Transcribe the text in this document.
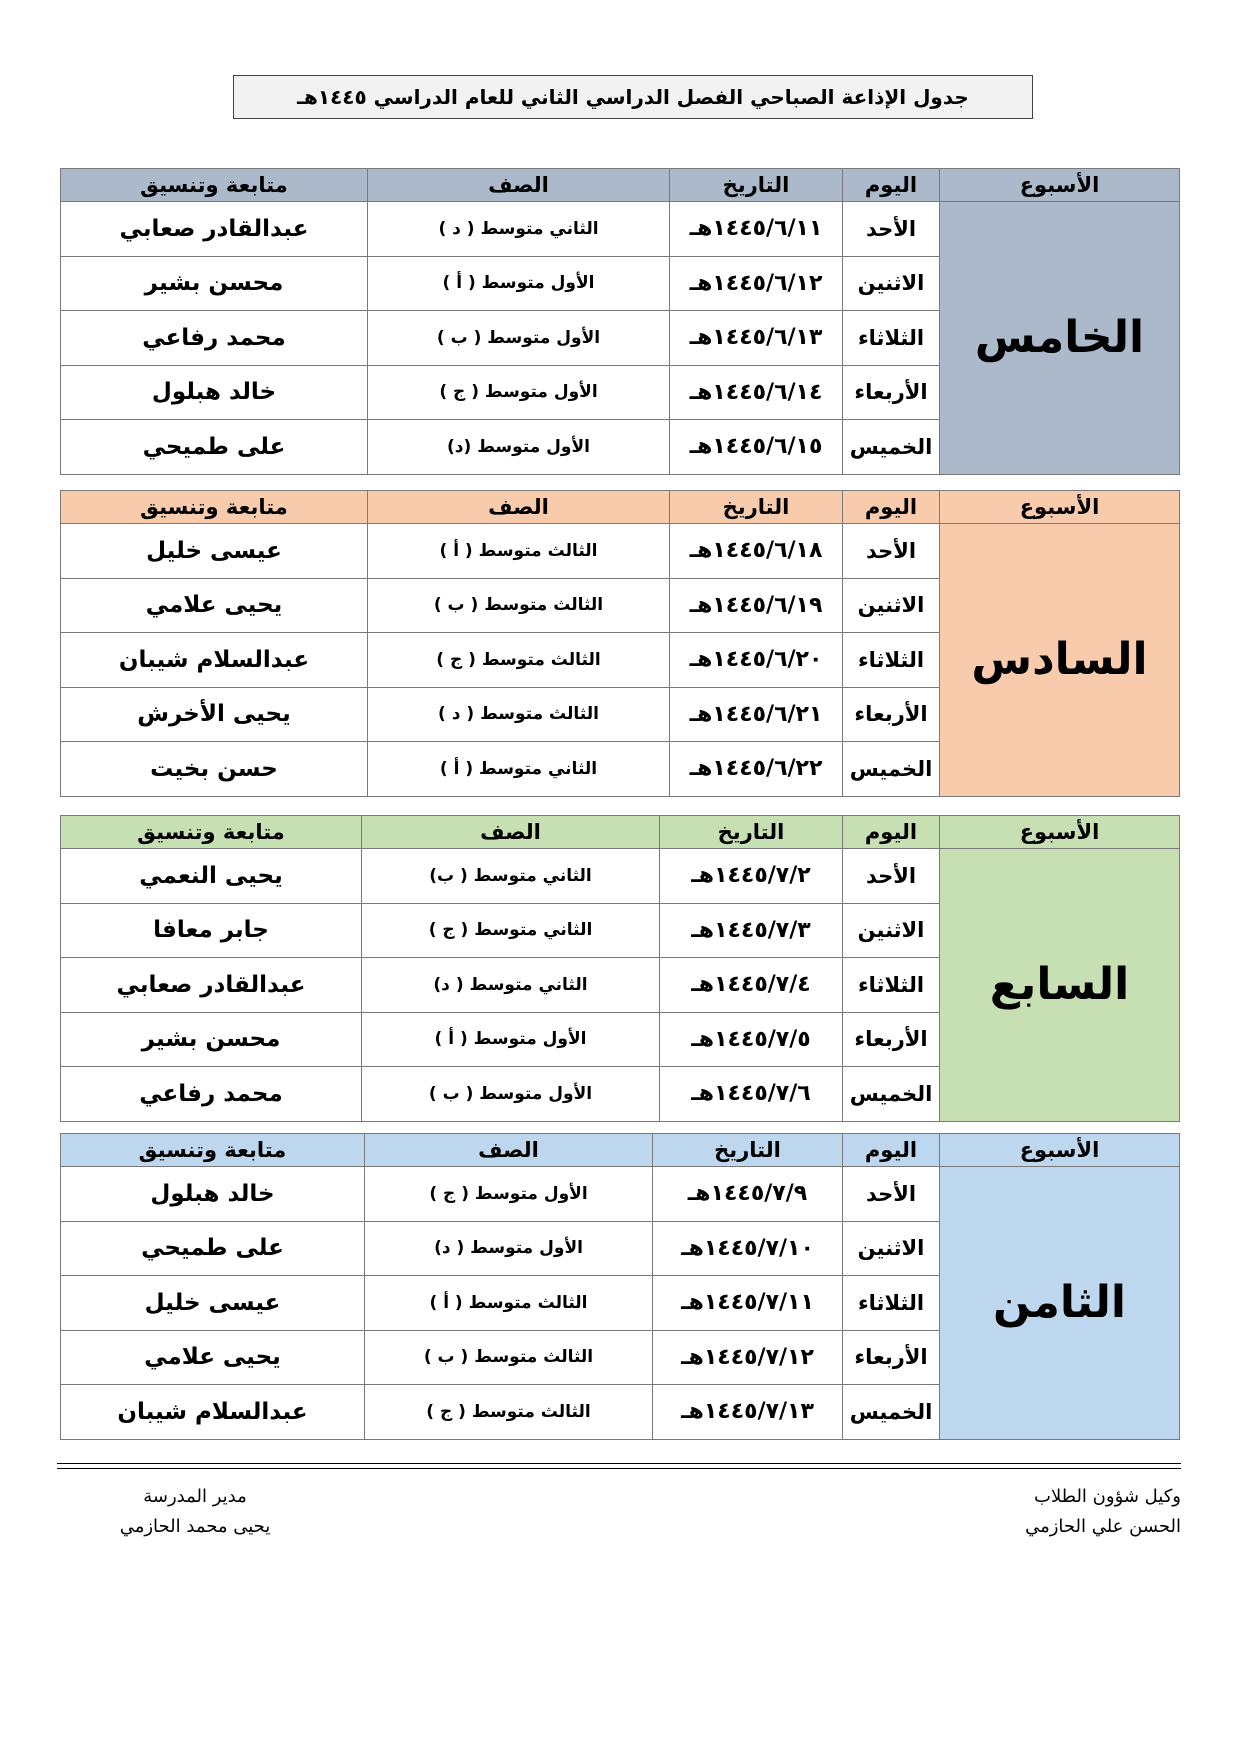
جدول الإذاعة الصباحي الفصل الدراسي الثاني للعام الدراسي ١٤٤٥هـ
الأسبوع	اليوم	التاريخ	الصف	متابعة وتنسيق
الخامس	الأحد	١٤٤٥/٦/١١هـ	الثاني متوسط ( د )	عبدالقادر صعابي
	الاثنين	١٤٤٥/٦/١٢هـ	الأول متوسط ( أ )	محسن بشير
	الثلاثاء	١٤٤٥/٦/١٣هـ	الأول متوسط ( ب )	محمد رفاعي
	الأربعاء	١٤٤٥/٦/١٤هـ	الأول متوسط ( ج )	خالد هبلول
	الخميس	١٤٤٥/٦/١٥هـ	الأول متوسط (د)	على طميحي
الأسبوع	اليوم	التاريخ	الصف	متابعة وتنسيق
السادس	الأحد	١٤٤٥/٦/١٨هـ	الثالث متوسط ( أ )	عيسى خليل
	الاثنين	١٤٤٥/٦/١٩هـ	الثالث متوسط ( ب )	يحيى علامي
	الثلاثاء	١٤٤٥/٦/٢٠هـ	الثالث متوسط ( ج )	عبدالسلام شيبان
	الأربعاء	١٤٤٥/٦/٢١هـ	الثالث متوسط ( د )	يحيى الأخرش
	الخميس	١٤٤٥/٦/٢٢هـ	الثاني متوسط ( أ )	حسن بخيت
الأسبوع	اليوم	التاريخ	الصف	متابعة وتنسيق
السابع	الأحد	١٤٤٥/٧/٢هـ	الثاني متوسط ( ب)	يحيى النعمي
	الاثنين	١٤٤٥/٧/٣هـ	الثاني متوسط ( ج )	جابر معافا
	الثلاثاء	١٤٤٥/٧/٤هـ	الثاني متوسط ( د)	عبدالقادر صعابي
	الأربعاء	١٤٤٥/٧/٥هـ	الأول متوسط ( أ )	محسن بشير
	الخميس	١٤٤٥/٧/٦هـ	الأول متوسط ( ب )	محمد رفاعي
الأسبوع	اليوم	التاريخ	الصف	متابعة وتنسيق
الثامن	الأحد	١٤٤٥/٧/٩هـ	الأول متوسط ( ج )	خالد هبلول
	الاثنين	١٤٤٥/٧/١٠هـ	الأول متوسط ( د)	على طميحي
	الثلاثاء	١٤٤٥/٧/١١هـ	الثالث متوسط ( أ )	عيسى خليل
	الأربعاء	١٤٤٥/٧/١٢هـ	الثالث متوسط ( ب )	يحيى علامي
	الخميس	١٤٤٥/٧/١٣هـ	الثالث متوسط ( ج )	عبدالسلام شيبان
وكيل شؤون الطلاب
الحسن علي الحازمي
مدير المدرسة
يحيى محمد الحازمي
